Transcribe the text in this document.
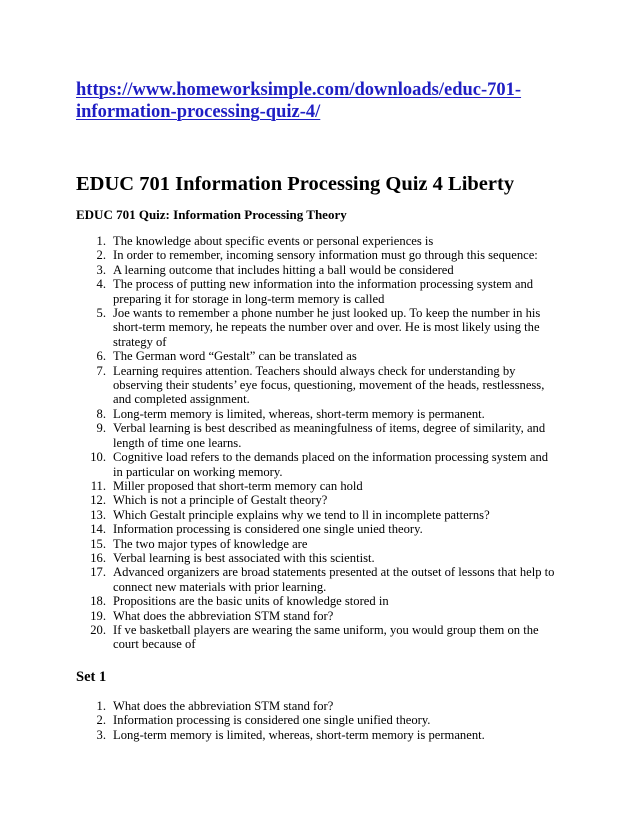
https://www.homeworksimple.com/downloads/educ-701-
information-processing-quiz-4/
EDUC 701 Information Processing Quiz 4 Liberty
EDUC 701 Quiz: Information Processing Theory
1. The knowledge about specific events or personal experiences is
2. In order to remember, incoming sensory information must go through this sequence:
3. A learning outcome that includes hitting a ball would be considered
4. The process of putting new information into the information processing system and preparing it for storage in long-term memory is called
5. Joe wants to remember a phone number he just looked up. To keep the number in his short-term memory, he repeats the number over and over. He is most likely using the strategy of
6. The German word “Gestalt” can be translated as
7. Learning requires attention. Teachers should always check for understanding by observing their students’ eye focus, questioning, movement of the heads, restlessness, and completed assignment.
8. Long-term memory is limited, whereas, short-term memory is permanent.
9. Verbal learning is best described as meaningfulness of items, degree of similarity, and length of time one learns.
10. Cognitive load refers to the demands placed on the information processing system and in particular on working memory.
11. Miller proposed that short-term memory can hold
12. Which is not a principle of Gestalt theory?
13. Which Gestalt principle explains why we tend to ll in incomplete patterns?
14. Information processing is considered one single unied theory.
15. The two major types of knowledge are
16. Verbal learning is best associated with this scientist.
17. Advanced organizers are broad statements presented at the outset of lessons that help to connect new materials with prior learning.
18. Propositions are the basic units of knowledge stored in
19. What does the abbreviation STM stand for?
20. If ve basketball players are wearing the same uniform, you would group them on the court because of
Set 1
1. What does the abbreviation STM stand for?
2. Information processing is considered one single unified theory.
3. Long-term memory is limited, whereas, short-term memory is permanent.
